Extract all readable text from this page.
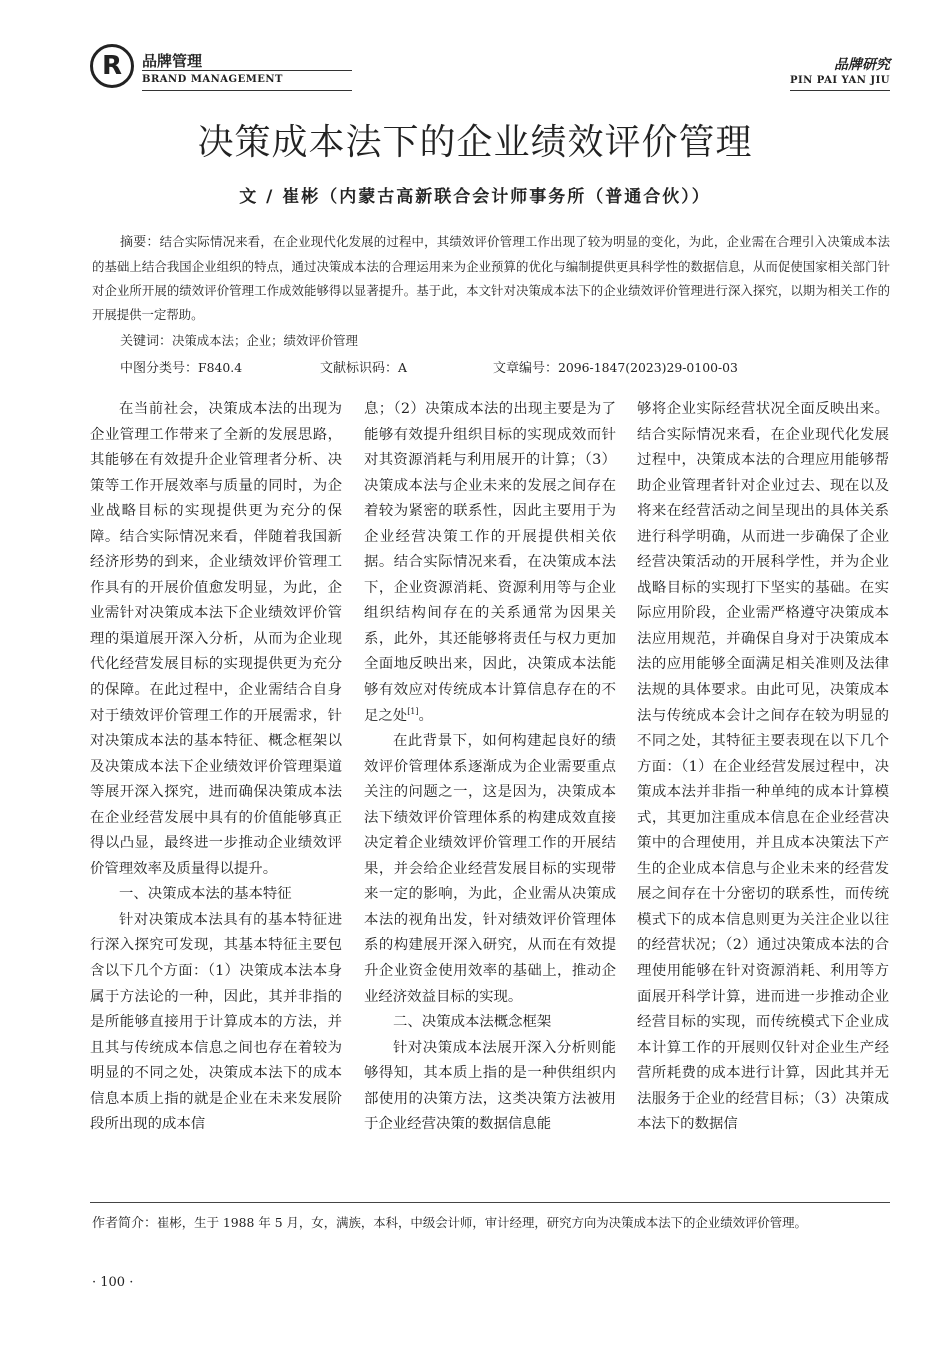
R	品牌管理
BRAND MANAGEMENT
品牌研究
PIN PAI YAN JIU
决策成本法下的企业绩效评价管理
文 / 崔彬（内蒙古高新联合会计师事务所（普通合伙））

摘要：结合实际情况来看，在企业现代化发展的过程中，其绩效评价管理工作出现了较为明显的变化，为此，企业需在合理引入决策成本法的基础上结合我国企业组织的特点，通过决策成本法的合理运用来为企业预算的优化与编制提供更具科学性的数据信息，从而促使国家相关部门针对企业所开展的绩效评价管理工作成效能够得以显著提升。基于此，本文针对决策成本法下的企业绩效评价管理进行深入探究，以期为相关工作的开展提供一定帮助。

关键词：决策成本法；企业；绩效评价管理
中图分类号：F840.4	文献标识码：A	文章编号：2096-1847(2023)29-0100-03

在当前社会，决策成本法的出现为企业管理工作带来了全新的发展思路，其能够在有效提升企业管理者分析、决策等工作开展效率与质量的同时，为企业战略目标的实现提供更为充分的保障。结合实际情况来看，伴随着我国新经济形势的到来，企业绩效评价管理工作具有的开展价值愈发明显，为此，企业需针对决策成本法下企业绩效评价管理的渠道展开深入分析，从而为企业现代化经营发展目标的实现提供更为充分的保障。在此过程中，企业需结合自身对于绩效评价管理工作的开展需求，针对决策成本法的基本特征、概念框架以及决策成本法下企业绩效评价管理渠道等展开深入探究，进而确保决策成本法在企业经营发展中具有的价值能够真正得以凸显，最终进一步推动企业绩效评价管理效率及质量得以提升。

一、决策成本法的基本特征

针对决策成本法具有的基本特征进行深入探究可发现，其基本特征主要包含以下几个方面：（1）决策成本法本身属于方法论的一种，因此，其并非指的是所能够直接用于计算成本的方法，并且其与传统成本信息之间也存在着较为明显的不同之处，决策成本法下的成本信息本质上指的就是企业在未来发展阶段所出现的成本信

息；（2）决策成本法的出现主要是为了能够有效提升组织目标的实现成效而针对其资源消耗与利用展开的计算；（3）决策成本法与企业未来的发展之间存在着较为紧密的联系性，因此主要用于为企业经营决策工作的开展提供相关依据。结合实际情况来看，在决策成本法下，企业资源消耗、资源利用等与企业组织结构间存在的关系通常为因果关系，此外，其还能够将责任与权力更加全面地反映出来，因此，决策成本法能够有效应对传统成本计算信息存在的不足之处[1]。

在此背景下，如何构建起良好的绩效评价管理体系逐渐成为企业需要重点关注的问题之一，这是因为，决策成本法下绩效评价管理体系的构建成效直接决定着企业绩效评价管理工作的开展结果，并会给企业经营发展目标的实现带来一定的影响，为此，企业需从决策成本法的视角出发，针对绩效评价管理体系的构建展开深入研究，从而在有效提升企业资金使用效率的基础上，推动企业经济效益目标的实现。

二、决策成本法概念框架

针对决策成本法展开深入分析则能够得知，其本质上指的是一种供组织内部使用的决策方法，这类决策方法被用于企业经营决策的数据信息能

够将企业实际经营状况全面反映出来。结合实际情况来看，在企业现代化发展过程中，决策成本法的合理应用能够帮助企业管理者针对企业过去、现在以及将来在经营活动之间呈现出的具体关系进行科学明确，从而进一步确保了企业经营决策活动的开展科学性，并为企业战略目标的实现打下坚实的基础。在实际应用阶段，企业需严格遵守决策成本法应用规范，并确保自身对于决策成本法的应用能够全面满足相关准则及法律法规的具体要求。由此可见，决策成本法与传统成本会计之间存在较为明显的不同之处，其特征主要表现在以下几个方面：（1）在企业经营发展过程中，决策成本法并非指一种单纯的成本计算模式，其更加注重成本信息在企业经营决策中的合理使用，并且成本决策法下产生的企业成本信息与企业未来的经营发展之间存在十分密切的联系性，而传统模式下的成本信息则更为关注企业以往的经营状况；（2）通过决策成本法的合理使用能够在针对资源消耗、利用等方面展开科学计算，进而进一步推动企业经营目标的实现，而传统模式下企业成本计算工作的开展则仅针对企业生产经营所耗费的成本进行计算，因此其并无法服务于企业的经营目标；（3）决策成本法下的数据信

作者简介：崔彬，生于 1988 年 5 月，女，满族，本科，中级会计师，审计经理，研究方向为决策成本法下的企业绩效评价管理。

· 100 ·
